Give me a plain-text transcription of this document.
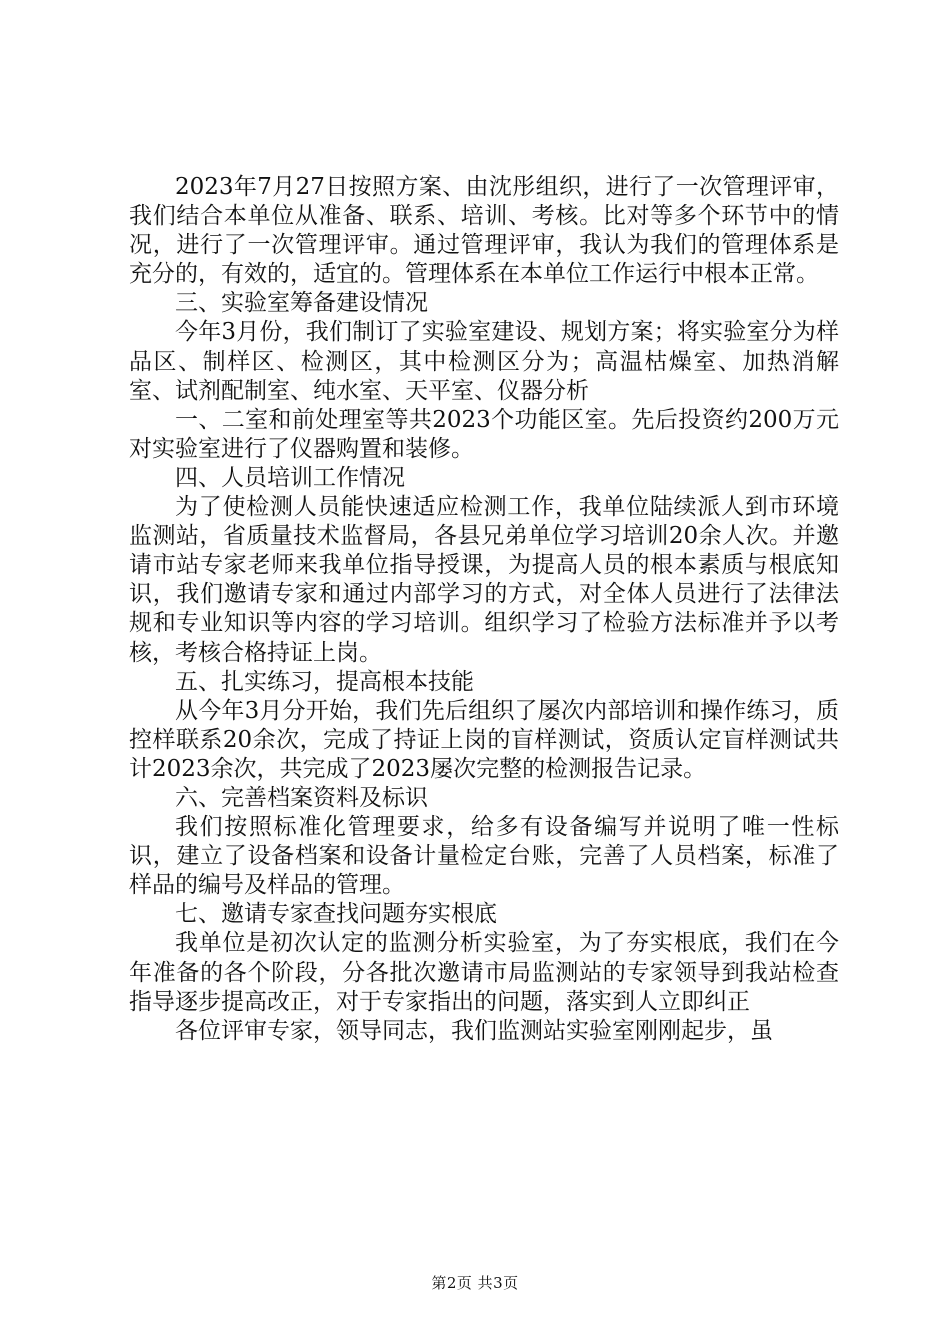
2023年7月27日按照方案、由沈彤组织，进行了一次管理评审，我们结合本单位从准备、联系、培训、考核。比对等多个环节中的情况，进行了一次管理评审。通过管理评审，我认为我们的管理体系是充分的，有效的，适宜的。管理体系在本单位工作运行中根本正常。

三、实验室筹备建设情况

今年3月份，我们制订了实验室建设、规划方案；将实验室分为样品区、制样区、检测区，其中检测区分为；高温枯燥室、加热消解室、试剂配制室、纯水室、天平室、仪器分析

一、二室和前处理室等共2023个功能区室。先后投资约200万元对实验室进行了仪器购置和装修。

四、人员培训工作情况

为了使检测人员能快速适应检测工作，我单位陆续派人到市环境监测站，省质量技术监督局，各县兄弟单位学习培训20余人次。并邀请市站专家老师来我单位指导授课，为提高人员的根本素质与根底知识，我们邀请专家和通过内部学习的方式，对全体人员进行了法律法规和专业知识等内容的学习培训。组织学习了检验方法标准并予以考核，考核合格持证上岗。

五、扎实练习，提高根本技能

从今年3月分开始，我们先后组织了屡次内部培训和操作练习，质控样联系20余次，完成了持证上岗的盲样测试，资质认定盲样测试共计2023余次，共完成了2023屡次完整的检测报告记录。

六、完善档案资料及标识

我们按照标准化管理要求，给多有设备编写并说明了唯一性标识，建立了设备档案和设备计量检定台账，完善了人员档案，标准了样品的编号及样品的管理。

七、邀请专家查找问题夯实根底

我单位是初次认定的监测分析实验室，为了夯实根底，我们在今年准备的各个阶段，分各批次邀请市局监测站的专家领导到我站检查指导逐步提高改正，对于专家指出的问题，落实到人立即纠正

各位评审专家，领导同志，我们监测站实验室刚刚起步，虽

第2页 共3页
